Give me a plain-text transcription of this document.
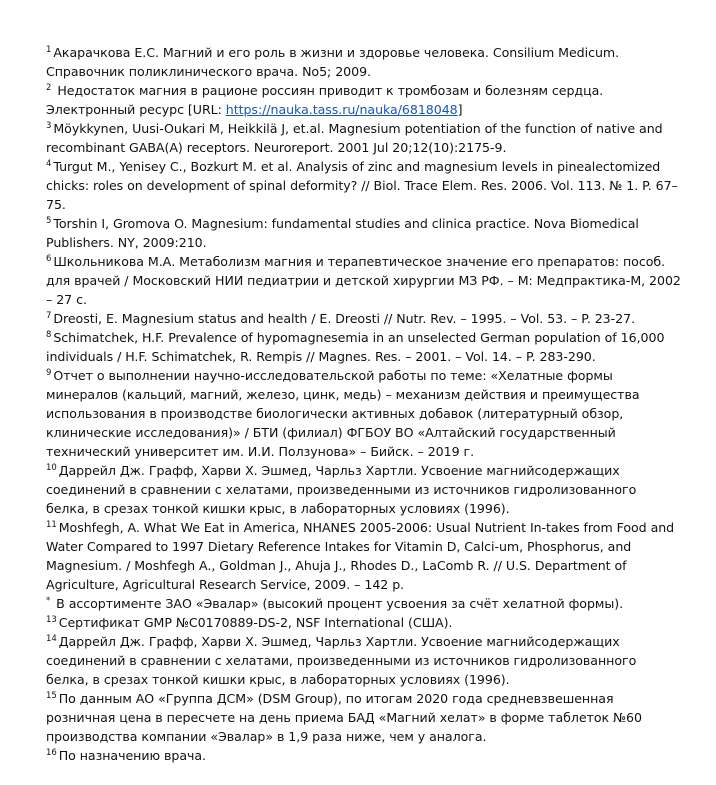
$^1$ Акарачкова Е.С. Магний и его роль в жизни и здоровье человека. Consilium Medicum. Справочник поликлинического врача. No5; 2009.

$^2$ Недостаток магния в рационе россиян приводит к тромбозам и болезням сердца. Электронный ресурс [URL: https://nauka.tass.ru/nauka/6818048]

$^3$ Möykkynen, Uusi-Oukari M, Heikkilä J, et.al. Magnesium potentiation of the function of native and recombinant GABA(A) receptors. Neuroreport. 2001 Jul 20;12(10):2175-9.

$^4$ Turgut M., Yenisey C., Bozkurt M. et al. Analysis of zinc and magnesium levels in pinealectomized chicks: roles on development of spinal deformity? // Biol. Trace Elem. Res. 2006. Vol. 113. № 1. P. 67–75.

$^5$ Torshin I, Gromova O. Magnesium: fundamental studies and clinica practice. Nova Biomedical Publishers. NY, 2009:210.

$^6$ Школьникова М.А. Метаболизм магния и терапевтическое значение его препаратов: пособ. для врачей / Московский НИИ педиатрии и детской хирургии МЗ РФ. – М: Медпрактика-М, 2002 – 27 с.

$^7$ Dreosti, E. Magnesium status and health / E. Dreosti // Nutr. Rev. – 1995. – Vol. 53. – P. 23-27.

$^8$ Schimatchek, H.F. Prevalence of hypomagnesemia in an unselected German population of 16,000 individuals / H.F. Schimatchek, R. Rempis // Magnes. Res. – 2001. – Vol. 14. – P. 283-290.

$^9$ Отчет о выполнении научно-исследовательской работы по теме: «Хелатные формы минералов (кальций, магний, железо, цинк, медь) – механизм действия и преимущества использования в производстве биологически активных добавок (литературный обзор, клинические исследования)» / БТИ (филиал) ФГБОУ ВО «Алтайский государственный технический университет им. И.И. Ползунова» – Бийск. – 2019 г.

$^{10}$ Даррейл Дж. Графф, Харви Х. Эшмед, Чарльз Хартли. Усвоение магнийсодержащих соединений в сравнении с хелатами, произведенными из источников гидролизованного белка, в срезах тонкой кишки крыс, в лабораторных условиях (1996).

$^{11}$ Moshfegh, A. What We Eat in America, NHANES 2005-2006: Usual Nutrient In-takes from Food and Water Compared to 1997 Dietary Reference Intakes for Vitamin D, Calci-um, Phosphorus, and Magnesium. / Moshfegh A., Goldman J., Ahuja J., Rhodes D., LaComb R. // U.S. Department of Agriculture, Agricultural Research Service, 2009. – 142 p.

* В ассортименте ЗАО «Эвалар» (высокий процент усвоения за счёт хелатной формы).

$^{13}$ Сертификат GMP №C0170889-DS-2, NSF International (США).

$^{14}$ Даррейл Дж. Графф, Харви Х. Эшмед, Чарльз Хартли. Усвоение магнийсодержащих соединений в сравнении с хелатами, произведенными из источников гидролизованного белка, в срезах тонкой кишки крыс, в лабораторных условиях (1996).

$^{15}$ По данным АО «Группа ДСМ» (DSM Group), по итогам 2020 года средневзвешенная розничная цена в пересчете на день приема БАД «Магний хелат» в форме таблеток №60 производства компании «Эвалар» в 1,9 раза ниже, чем у аналога.

$^{16}$ По назначению врача.
